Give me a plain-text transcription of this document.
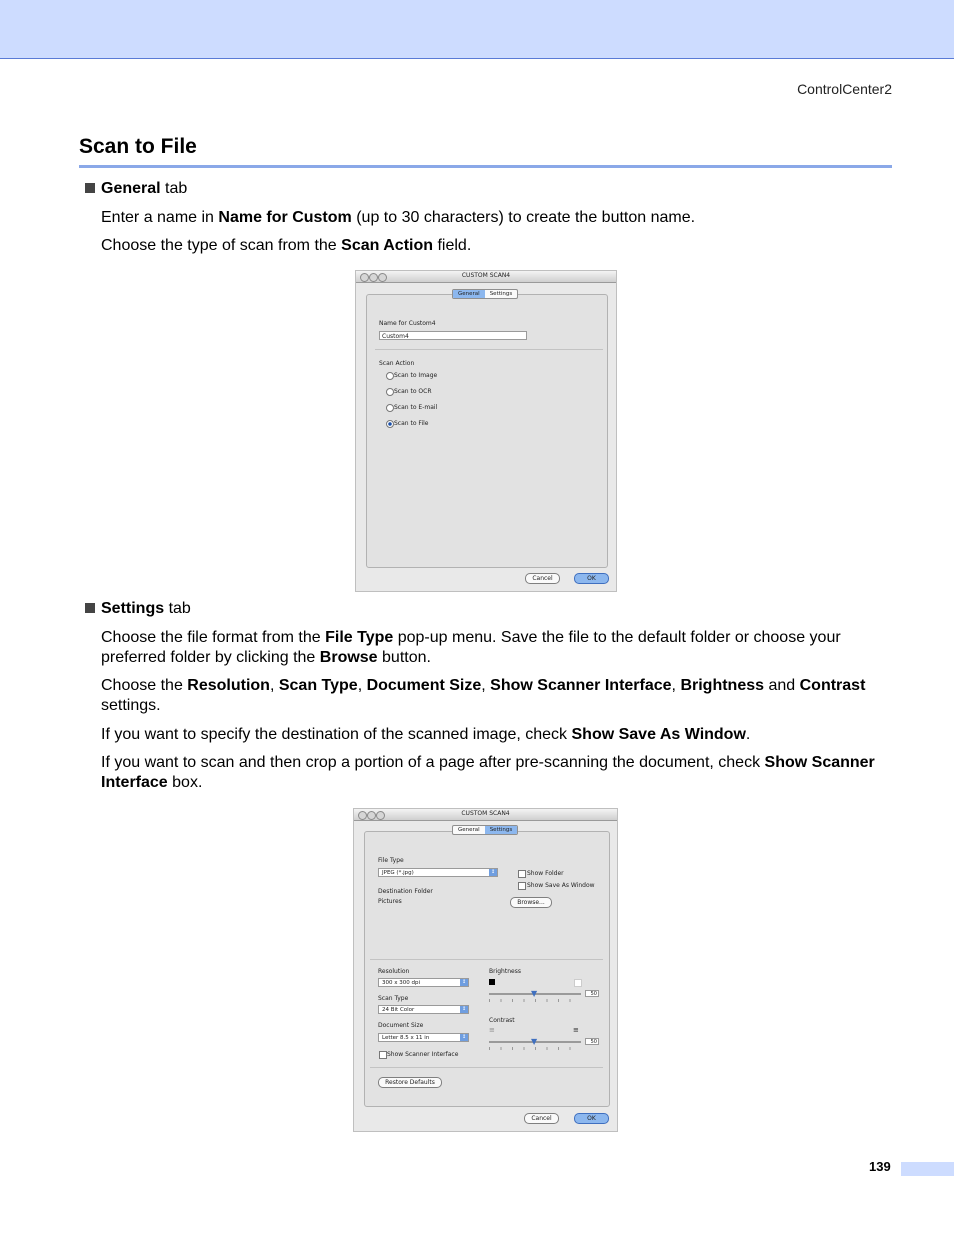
ControlCenter2
Scan to File
General tab
Enter a name in Name for Custom (up to 30 characters) to create the button name.
Choose the type of scan from the Scan Action field.
CUSTOM SCAN4
General	Settings
Name for Custom4
Custom4
Scan Action
Scan to Image
Scan to OCR
Scan to E-mail
Scan to File
Cancel	OK
Settings tab
Choose the file format from the File Type pop-up menu. Save the file to the default folder or choose your preferred folder by clicking the Browse button.
Choose the Resolution, Scan Type, Document Size, Show Scanner Interface, Brightness and Contrast settings.
If you want to specify the destination of the scanned image, check Show Save As Window.
If you want to scan and then crop a portion of a page after pre-scanning the document, check Show Scanner Interface box.
CUSTOM SCAN4
General	Settings
File Type
JPEG (*.jpg)	↕	Show Folder
Show Save As Window
Destination Folder
Pictures	Browse...
Resolution
300 x 300 dpi	↕
Scan Type
24 Bit Color	↕
Document Size
Letter 8.5 x 11 in	↕
Show Scanner Interface
Brightness
▼	50
Contrast
≡	≡
▼	50
Restore Defaults
Cancel	OK
139
